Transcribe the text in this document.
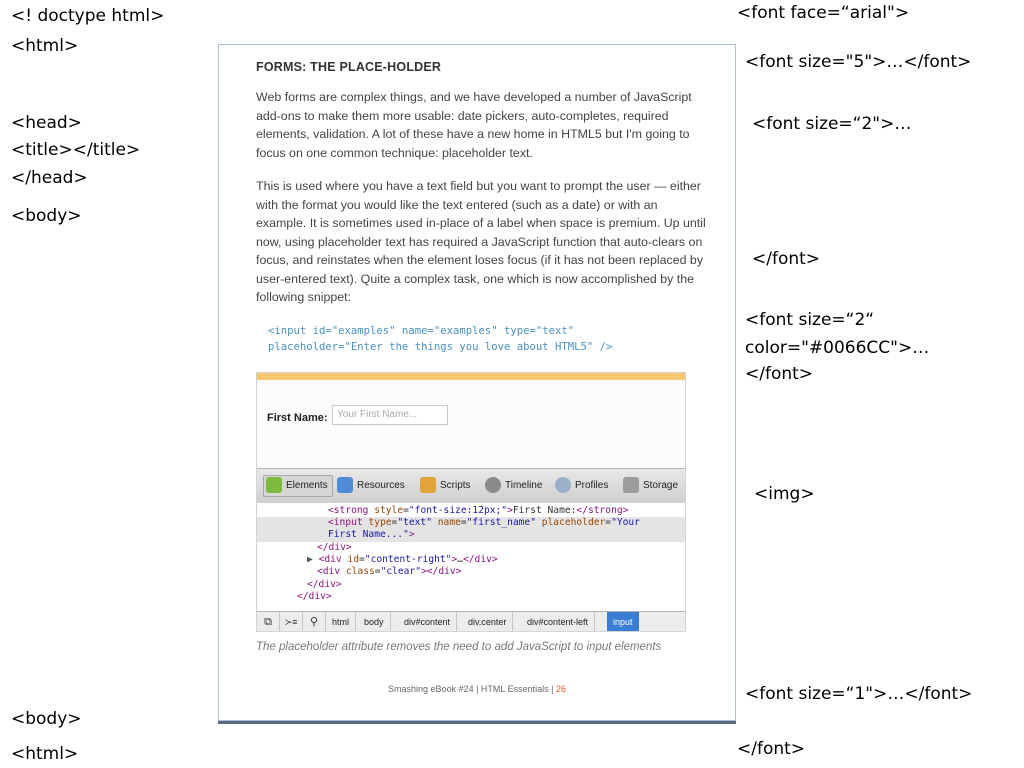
<! doctype html>
<html>
<head>
<title></title>
</head>
<body>
<body>
<html>
<font face=“arial">
<font size="5">…</font>
<font size=“2">…
</font>
<font size=“2“
color="#0066CC">…
</font>
<img>
<font size=“1">…</font>
</font>
FORMS: THE PLACE-HOLDER

Web forms are complex things, and we have developed a number of JavaScript add-ons to make them more usable: date pickers, auto-completes, required elements, validation. A lot of these have a new home in HTML5 but I'm going to focus on one common technique: placeholder text.

This is used where you have a text field but you want to prompt the user — either with the format you would like the text entered (such as a date) or with an example. It is sometimes used in-place of a label when space is premium. Up until now, using placeholder text has required a JavaScript function that auto-clears on focus, and reinstates when the element loses focus (if it has not been replaced by user-entered text). Quite a complex task, one which is now accomplished by the following snippet:

<input id="examples" name="examples" type="text"
placeholder="Enter the things you love about HTML5" />
First Name: Your First Name...
Elements	Resources	Scripts	Timeline	Profiles	Storage
<strong style="font-size:12px;">First Name:</strong>
<input type="text" name="first_name" placeholder="Your
First Name...">
</div>
▶ <div id="content-right">…</div>
<div class="clear"></div>
</div>
</div>
⧉	≻≡	⚲	html	body	div#content	div.center	div#content-left	input
The placeholder attribute removes the need to add JavaScript to input elements
Smashing eBook #24 | HTML Essentials | 26
